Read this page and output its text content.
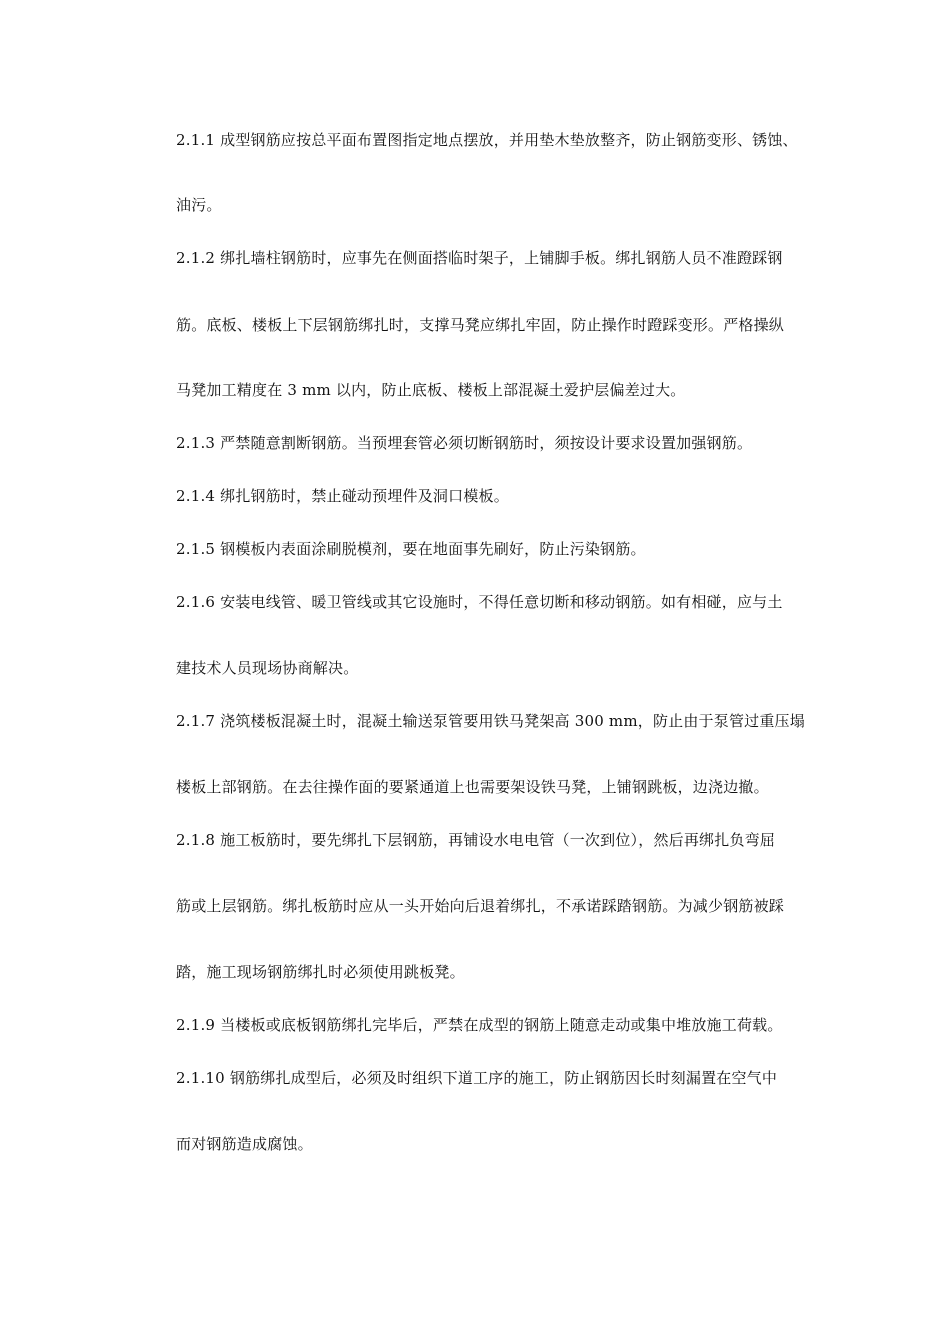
2.1.1 成型钢筋应按总平面布置图指定地点摆放，并用垫木垫放整齐，防止钢筋变形、锈蚀、
油污。
2.1.2 绑扎墙柱钢筋时，应事先在侧面搭临时架子，上铺脚手板。绑扎钢筋人员不准蹬踩钢
筋。底板、楼板上下层钢筋绑扎时，支撑马凳应绑扎牢固，防止操作时蹬踩变形。严格操纵
马凳加工精度在 3 mm 以内，防止底板、楼板上部混凝土爱护层偏差过大。
2.1.3 严禁随意割断钢筋。当预埋套管必须切断钢筋时，须按设计要求设置加强钢筋。
2.1.4 绑扎钢筋时，禁止碰动预埋件及洞口模板。
2.1.5 钢模板内表面涂刷脱模剂，要在地面事先刷好，防止污染钢筋。
2.1.6 安装电线管、暖卫管线或其它设施时，不得任意切断和移动钢筋。如有相碰，应与土
建技术人员现场协商解决。
2.1.7 浇筑楼板混凝土时，混凝土输送泵管要用铁马凳架高 300 mm，防止由于泵管过重压塌
楼板上部钢筋。在去往操作面的要紧通道上也需要架设铁马凳，上铺钢跳板，边浇边撤。
2.1.8 施工板筋时，要先绑扎下层钢筋，再铺设水电电管（一次到位），然后再绑扎负弯屈
筋或上层钢筋。绑扎板筋时应从一头开始向后退着绑扎，不承诺踩踏钢筋。为减少钢筋被踩
踏，施工现场钢筋绑扎时必须使用跳板凳。
2.1.9 当楼板或底板钢筋绑扎完毕后，严禁在成型的钢筋上随意走动或集中堆放施工荷载。
2.1.10 钢筋绑扎成型后，必须及时组织下道工序的施工，防止钢筋因长时刻漏置在空气中
而对钢筋造成腐蚀。
